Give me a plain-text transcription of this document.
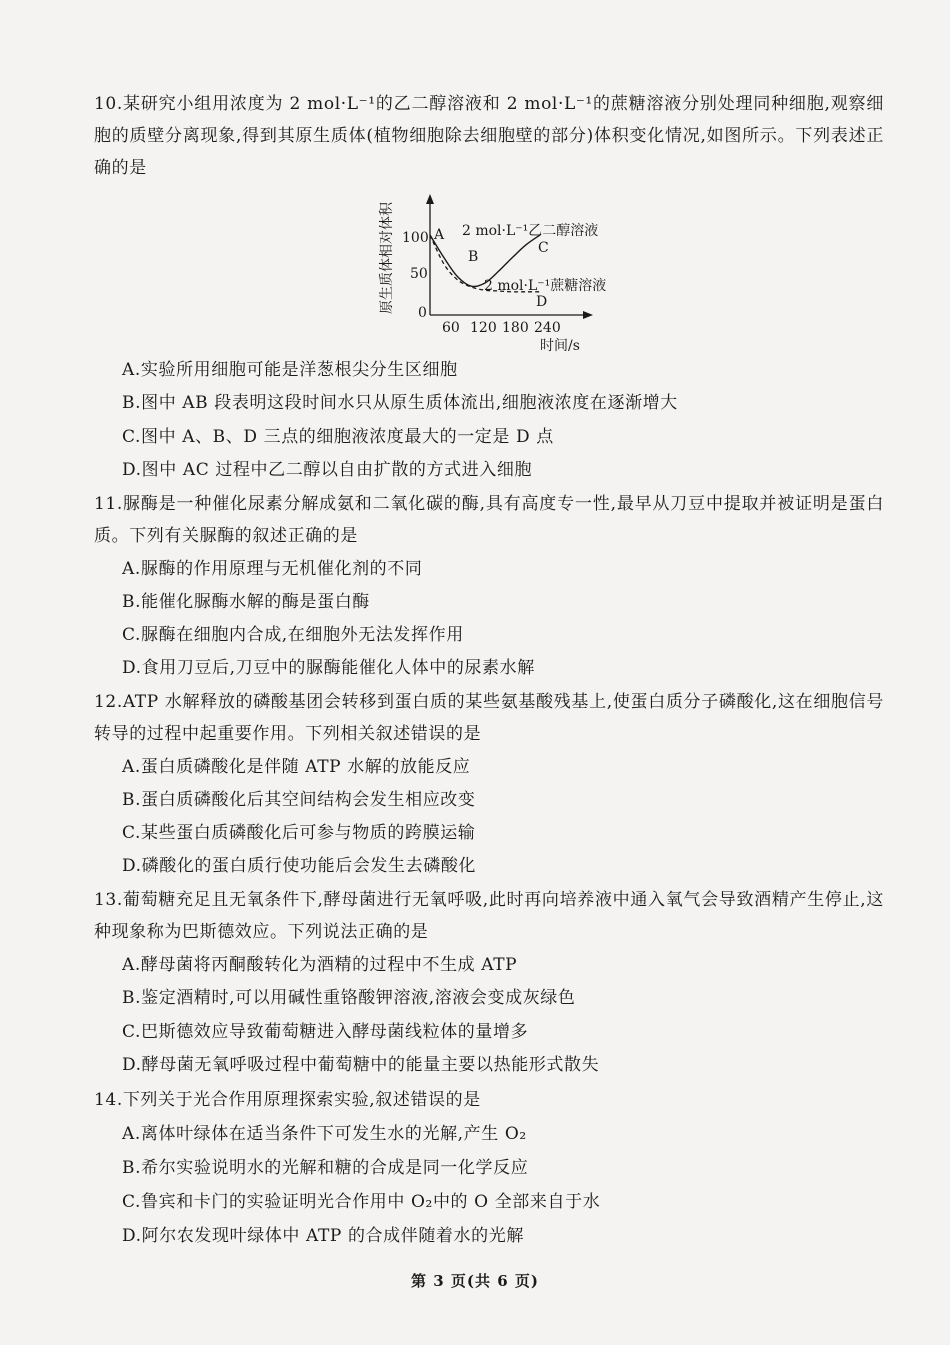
10.某研究小组用浓度为 2 mol·L⁻¹的乙二醇溶液和 2 mol·L⁻¹的蔗糖溶液分别处理同种细胞,观察细胞的质壁分离现象,得到其原生质体(植物细胞除去细胞壁的部分)体积变化情况,如图所示。下列表述正确的是
原生质体相对体积 100
50
0
60 120 180 240
时间/s
2 mol·L⁻¹乙二醇溶液
2 mol·L⁻¹蔗糖溶液
A
B
C
D
A.实验所用细胞可能是洋葱根尖分生区细胞
B.图中 AB 段表明这段时间水只从原生质体流出,细胞液浓度在逐渐增大
C.图中 A、B、D 三点的细胞液浓度最大的一定是 D 点
D.图中 AC 过程中乙二醇以自由扩散的方式进入细胞
11.脲酶是一种催化尿素分解成氨和二氧化碳的酶,具有高度专一性,最早从刀豆中提取并被证明是蛋白质。下列有关脲酶的叙述正确的是
A.脲酶的作用原理与无机催化剂的不同
B.能催化脲酶水解的酶是蛋白酶
C.脲酶在细胞内合成,在细胞外无法发挥作用
D.食用刀豆后,刀豆中的脲酶能催化人体中的尿素水解
12.ATP 水解释放的磷酸基团会转移到蛋白质的某些氨基酸残基上,使蛋白质分子磷酸化,这在细胞信号转导的过程中起重要作用。下列相关叙述错误的是
A.蛋白质磷酸化是伴随 ATP 水解的放能反应
B.蛋白质磷酸化后其空间结构会发生相应改变
C.某些蛋白质磷酸化后可参与物质的跨膜运输
D.磷酸化的蛋白质行使功能后会发生去磷酸化
13.葡萄糖充足且无氧条件下,酵母菌进行无氧呼吸,此时再向培养液中通入氧气会导致酒精产生停止,这种现象称为巴斯德效应。下列说法正确的是
A.酵母菌将丙酮酸转化为酒精的过程中不生成 ATP
B.鉴定酒精时,可以用碱性重铬酸钾溶液,溶液会变成灰绿色
C.巴斯德效应导致葡萄糖进入酵母菌线粒体的量增多
D.酵母菌无氧呼吸过程中葡萄糖中的能量主要以热能形式散失
14.下列关于光合作用原理探索实验,叙述错误的是
A.离体叶绿体在适当条件下可发生水的光解,产生 O₂
B.希尔实验说明水的光解和糖的合成是同一化学反应
C.鲁宾和卡门的实验证明光合作用中 O₂中的 O 全部来自于水
D.阿尔农发现叶绿体中 ATP 的合成伴随着水的光解
第 3 页(共 6 页)
